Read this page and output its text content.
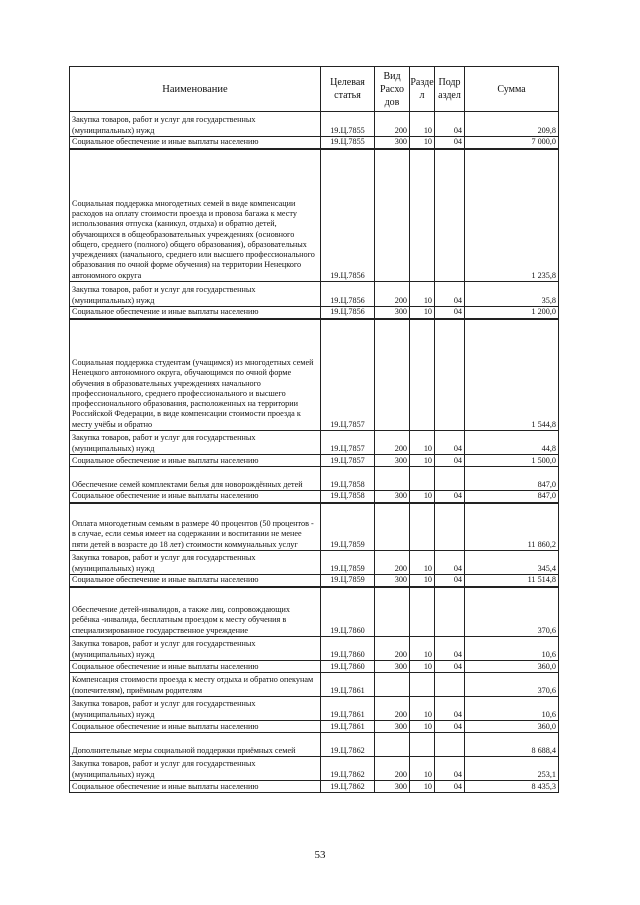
Наименование	Целевая статья	Вид Расхо дов	Разде л	Подр аздел	Сумма
Закупка товаров, работ и услуг для государственных (муниципальных) нужд	19.Ц.7855	200	10	04	209,8
Социальное обеспечение и иные выплаты населению	19.Ц.7855	300	10	04	7 000,0
Социальная поддержка многодетных семей в виде компенсации расходов на оплату стоимости проезда и провоза багажа к месту использования отпуска (каникул, отдыха) и обратно детей, обучающихся в общеобразовательных учреждениях (основного общего, среднего (полного) общего образования), образовательных учреждениях (начального, среднего или высшего профессионального образования по очной форме обучения) на территории Ненецкого автономного округа	19.Ц.7856				1 235,8
Закупка товаров, работ и услуг для государственных (муниципальных) нужд	19.Ц.7856	200	10	04	35,8
Социальное обеспечение и иные выплаты населению	19.Ц.7856	300	10	04	1 200,0
Социальная поддержка студентам (учащимся) из многодетных семей Ненецкого автономного округа, обучающимся по очной форме обучения в образовательных учреждениях начального профессионального, среднего профессионального и высшего профессионального образования, расположенных на территории Российской Федерации, в виде компенсации стоимости проезда к месту учёбы и обратно	19.Ц.7857				1 544,8
Закупка товаров, работ и услуг для государственных (муниципальных) нужд	19.Ц.7857	200	10	04	44,8
Социальное обеспечение и иные выплаты населению	19.Ц.7857	300	10	04	1 500,0
Обеспечение семей комплектами белья для новорождённых детей	19.Ц.7858				847,0
Социальное обеспечение и иные выплаты населению	19.Ц.7858	300	10	04	847,0
Оплата многодетным семьям в размере 40 процентов (50 процентов - в случае, если семья имеет на содержании и воспитании не менее пяти детей в возрасте до 18 лет) стоимости коммунальных услуг	19.Ц.7859				11 860,2
Закупка товаров, работ и услуг для государственных (муниципальных) нужд	19.Ц.7859	200	10	04	345,4
Социальное обеспечение и иные выплаты населению	19.Ц.7859	300	10	04	11 514,8
Обеспечение детей-инвалидов, а также лиц, сопровождающих ребёнка -инвалида, бесплатным проездом к месту обучения в специализированное государственное учреждение	19.Ц.7860				370,6
Закупка товаров, работ и услуг для государственных (муниципальных) нужд	19.Ц.7860	200	10	04	10,6
Социальное обеспечение и иные выплаты населению	19.Ц.7860	300	10	04	360,0
Компенсация стоимости проезда к месту отдыха и обратно опекунам (попечителям), приёмным родителям	19.Ц.7861				370,6
Закупка товаров, работ и услуг для государственных (муниципальных) нужд	19.Ц.7861	200	10	04	10,6
Социальное обеспечение и иные выплаты населению	19.Ц.7861	300	10	04	360,0
Дополнительные меры социальной поддержки приёмных семей	19.Ц.7862				8 688,4
Закупка товаров, работ и услуг для государственных (муниципальных) нужд	19.Ц.7862	200	10	04	253,1
Социальное обеспечение и иные выплаты населению	19.Ц.7862	300	10	04	8 435,3
53
